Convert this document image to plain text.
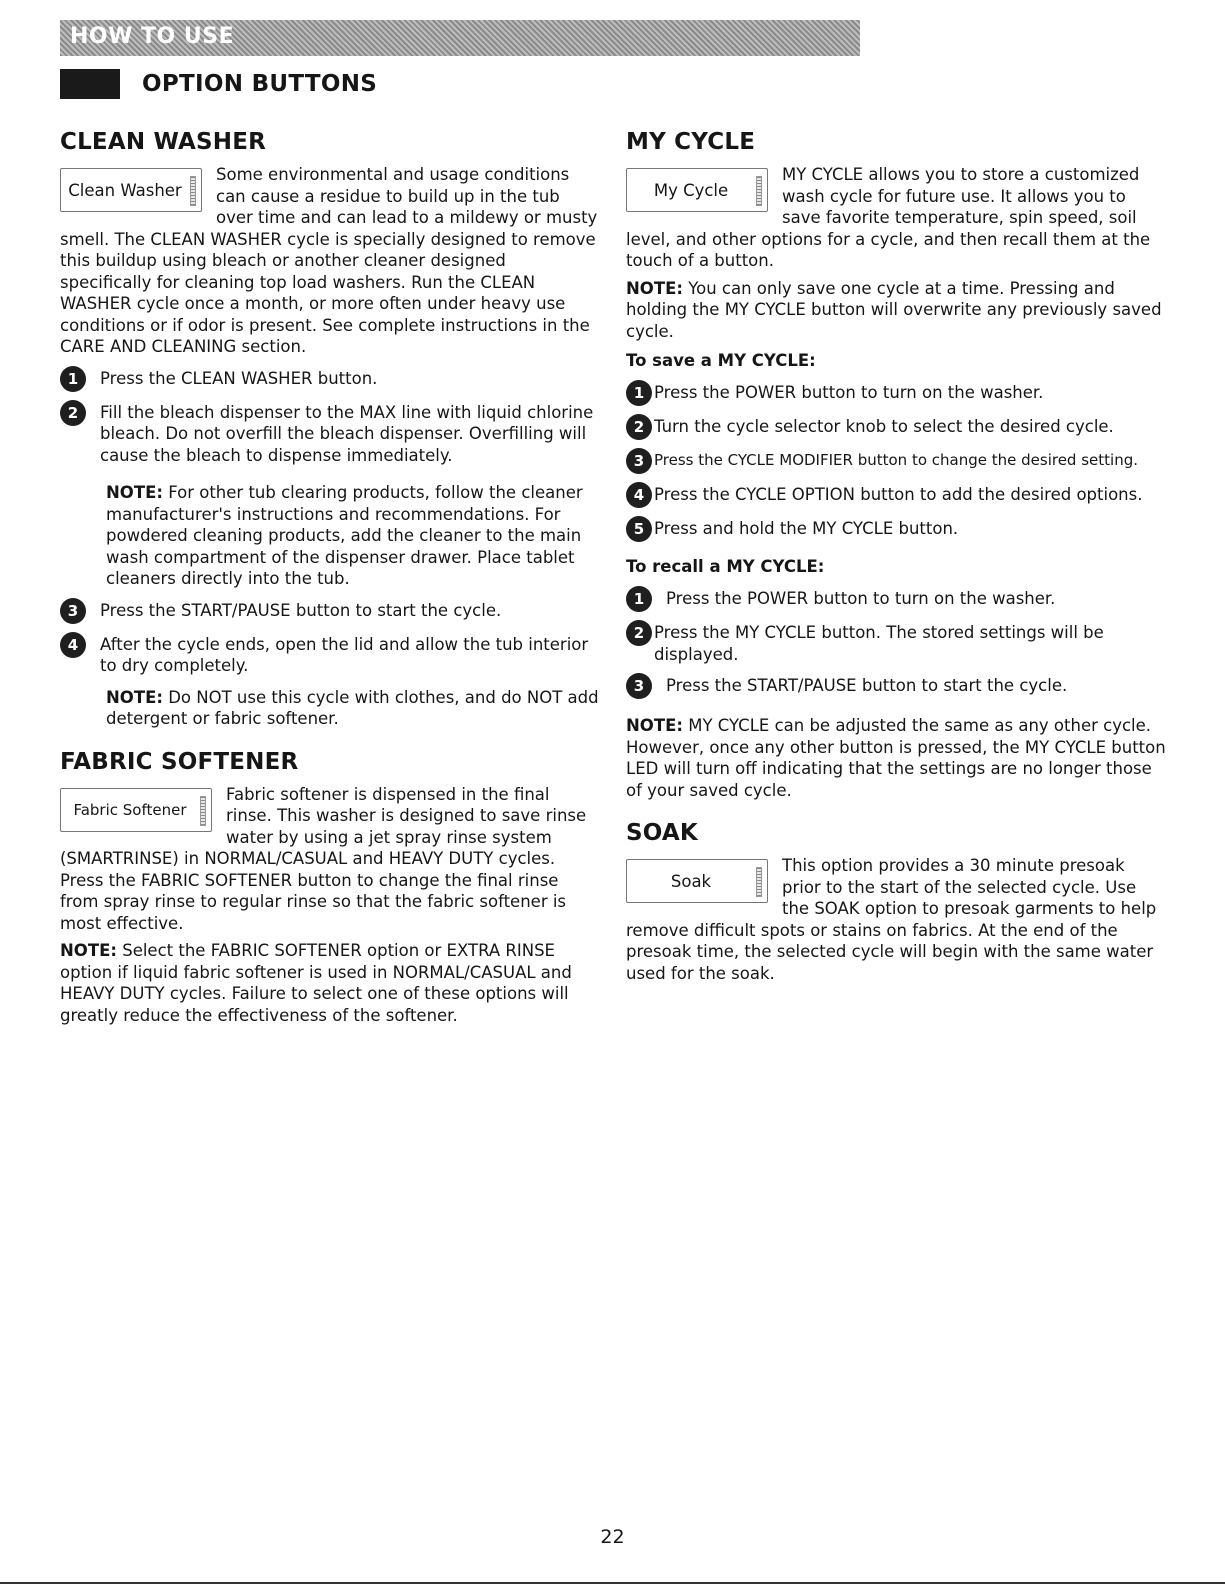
HOW TO USE
OPTION BUTTONS
CLEAN WASHER
Clean Washer

Some environmental and usage conditions can cause a residue to build up in the tub over time and can lead to a mildewy or musty smell. The CLEAN WASHER cycle is specially designed to remove this buildup using bleach or another cleaner designed specifically for cleaning top load washers. Run the CLEAN WASHER cycle once a month, or more often under heavy use conditions or if odor is present. See complete instructions in the CARE AND CLEANING section.

1	Press the CLEAN WASHER button.

2	Fill the bleach dispenser to the MAX line with liquid chlorine bleach. Do not overfill the bleach dispenser. Overfilling will cause the bleach to dispense immediately.

NOTE: For other tub clearing products, follow the cleaner manufacturer's instructions and recommendations. For powdered cleaning products, add the cleaner to the main wash compartment of the dispenser drawer. Place tablet cleaners directly into the tub.

3	Press the START/PAUSE button to start the cycle.

4	After the cycle ends, open the lid and allow the tub interior to dry completely.

NOTE: Do NOT use this cycle with clothes, and do NOT add detergent or fabric softener.

FABRIC SOFTENER
Fabric Softener

Fabric softener is dispensed in the final rinse. This washer is designed to save rinse water by using a jet spray rinse system (SMARTRINSE) in NORMAL/CASUAL and HEAVY DUTY cycles. Press the FABRIC SOFTENER button to change the final rinse from spray rinse to regular rinse so that the fabric softener is most effective.

NOTE: Select the FABRIC SOFTENER option or EXTRA RINSE option if liquid fabric softener is used in NORMAL/CASUAL and HEAVY DUTY cycles. Failure to select one of these options will greatly reduce the effectiveness of the softener.

MY CYCLE
My Cycle

MY CYCLE allows you to store a customized wash cycle for future use. It allows you to save favorite temperature, spin speed, soil level, and other options for a cycle, and then recall them at the touch of a button.

NOTE: You can only save one cycle at a time. Pressing and holding the MY CYCLE button will overwrite any previously saved cycle.

To save a MY CYCLE:
1 Press the POWER button to turn on the washer.

2 Turn the cycle selector knob to select the desired cycle.

3 Press the CYCLE MODIFIER button to change the desired setting.

4 Press the CYCLE OPTION button to add the desired options.

5 Press and hold the MY CYCLE button.

To recall a MY CYCLE:
1	Press the POWER button to turn on the washer.

2 Press the MY CYCLE button. The stored settings will be displayed.

3	Press the START/PAUSE button to start the cycle.

NOTE: MY CYCLE can be adjusted the same as any other cycle. However, once any other button is pressed, the MY CYCLE button LED will turn off indicating that the settings are no longer those of your saved cycle.

SOAK
Soak

This option provides a 30 minute presoak prior to the start of the selected cycle. Use the SOAK option to presoak garments to help remove difficult spots or stains on fabrics. At the end of the presoak time, the selected cycle will begin with the same water used for the soak.

22
